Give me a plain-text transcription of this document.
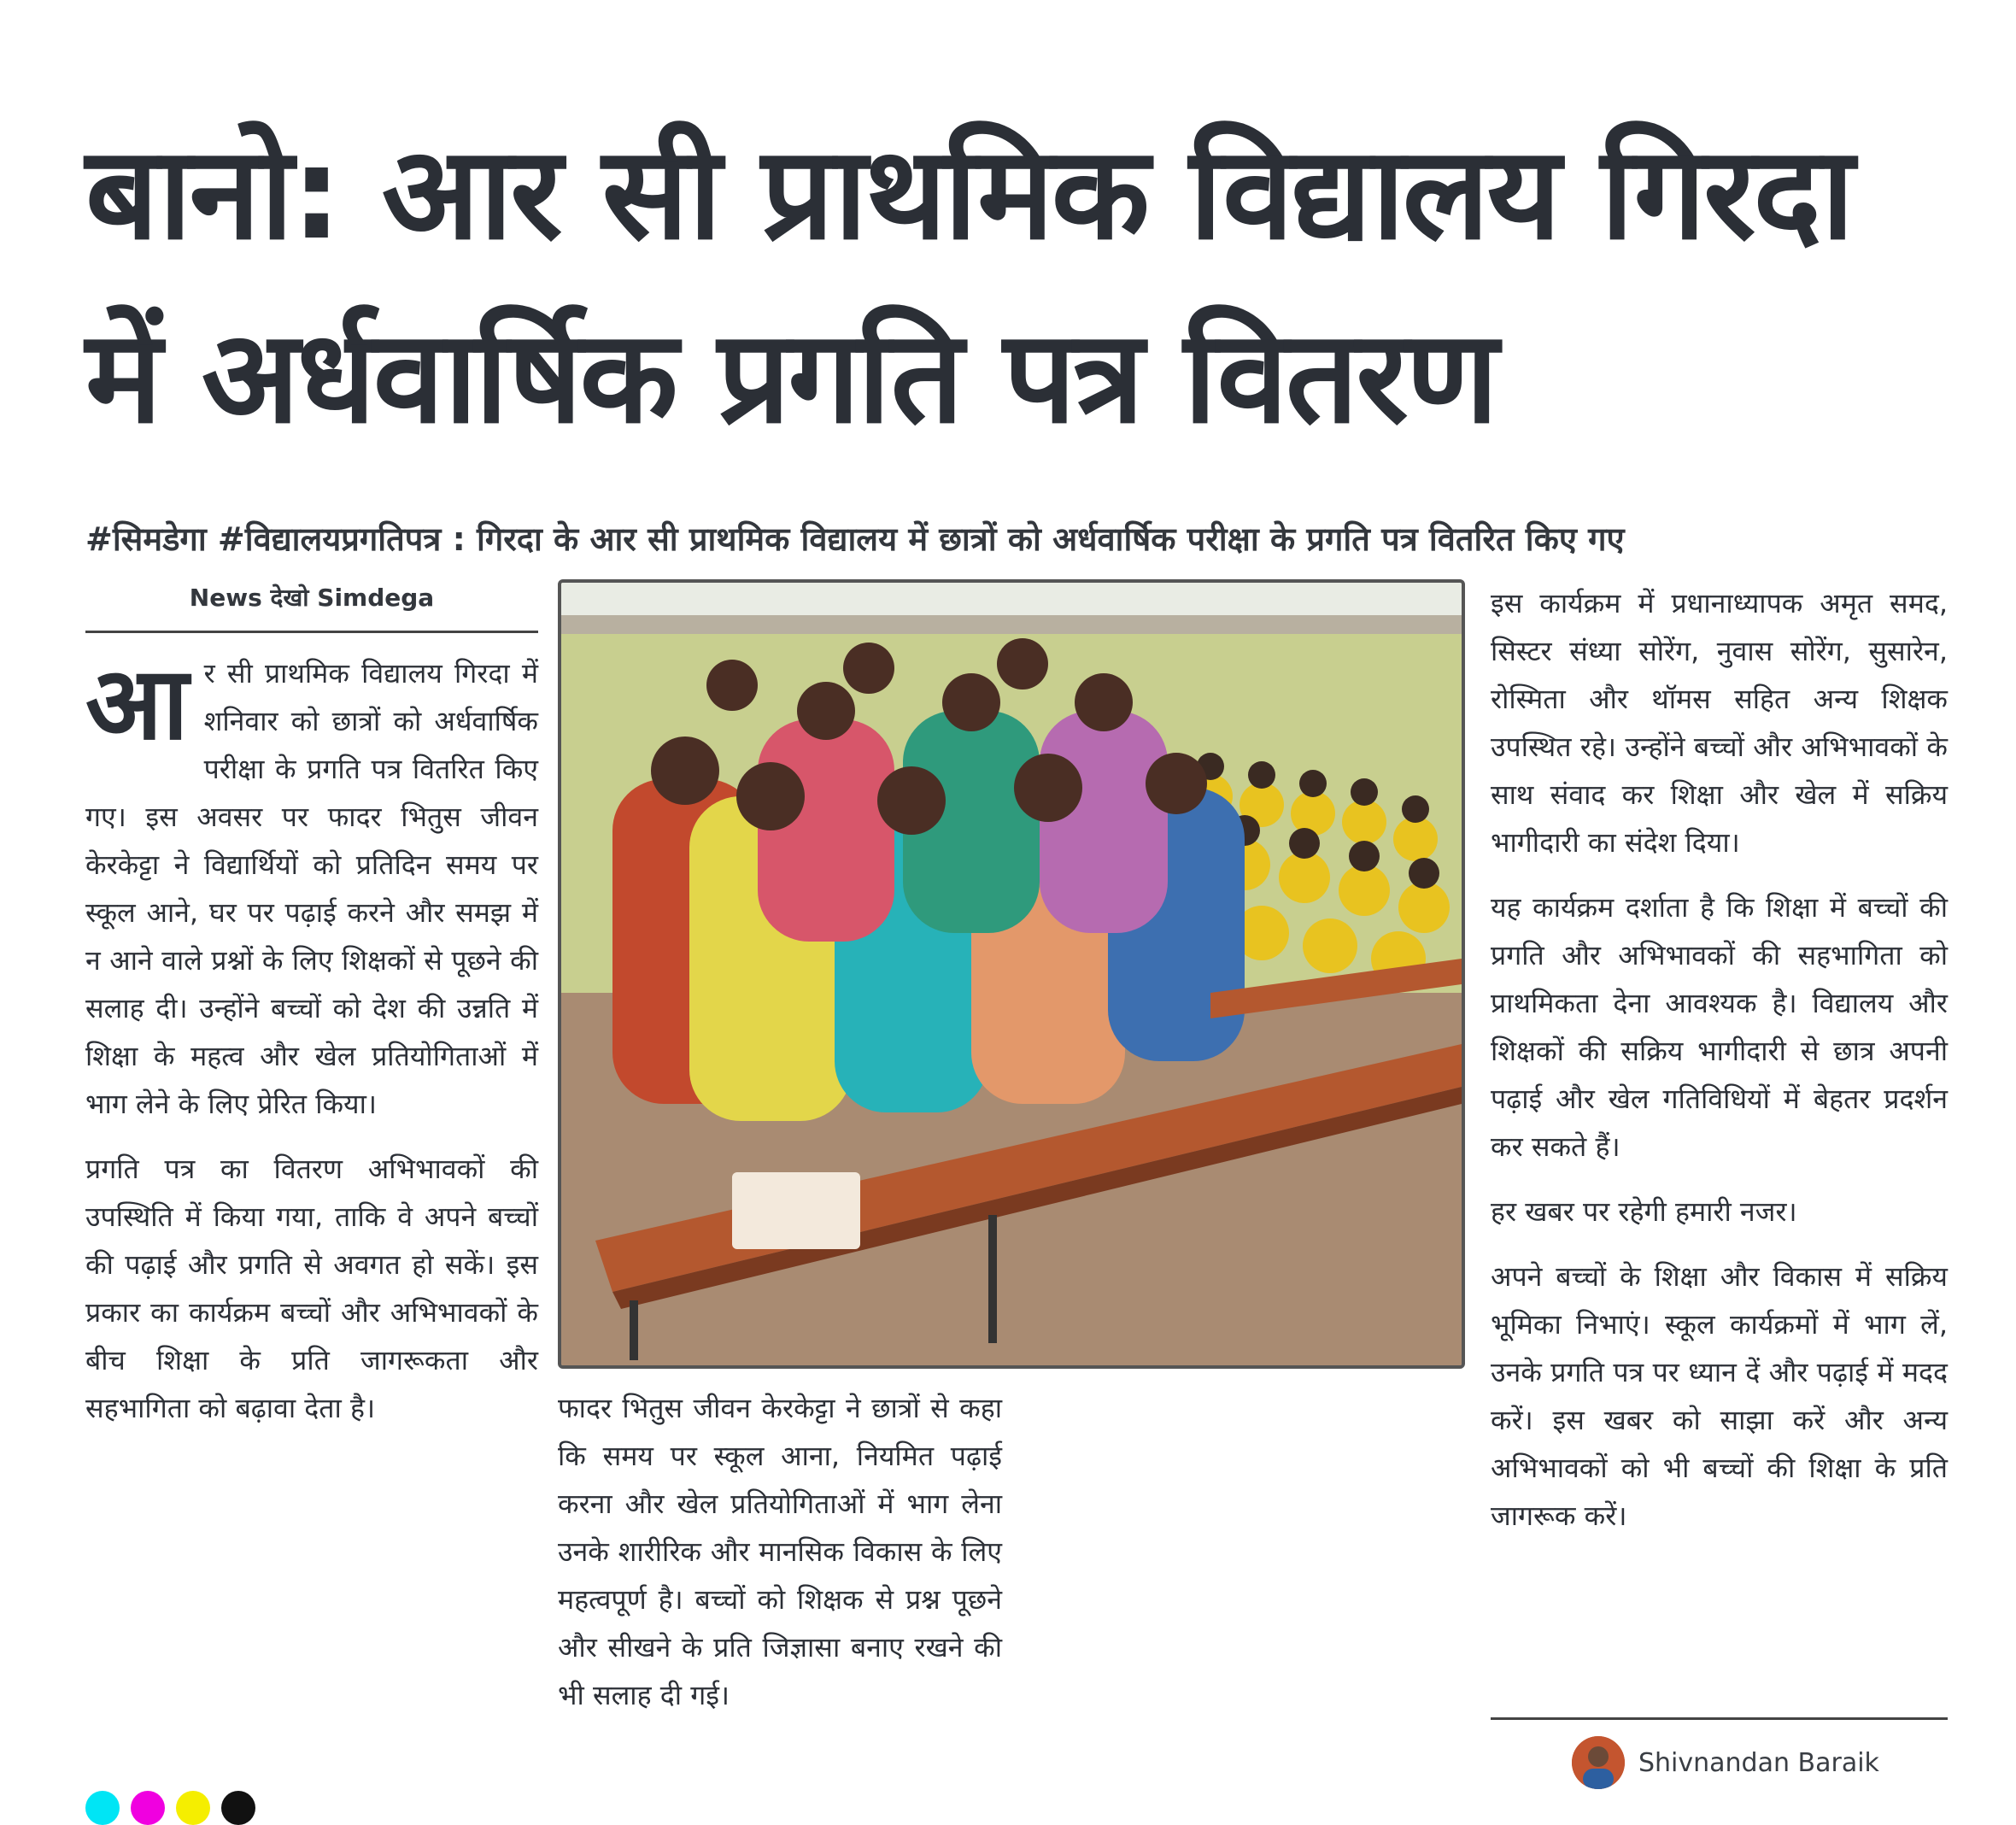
बानो: आर सी प्राथमिक विद्यालय गिरदा में अर्धवार्षिक प्रगति पत्र वितरण
#सिमडेगा #विद्यालयप्रगतिपत्र : गिरदा के आर सी प्राथमिक विद्यालय में छात्रों को अर्धवार्षिक परीक्षा के प्रगति पत्र वितरित किए गए
News देखो Simdega

आर सी प्राथमिक विद्यालय गिरदा में शनिवार को छात्रों को अर्धवार्षिक परीक्षा के प्रगति पत्र वितरित किए गए। इस अवसर पर फादर भितुस जीवन केरकेट्टा ने विद्यार्थियों को प्रतिदिन समय पर स्कूल आने, घर पर पढ़ाई करने और समझ में न आने वाले प्रश्नों के लिए शिक्षकों से पूछने की सलाह दी। उन्होंने बच्चों को देश की उन्नति में शिक्षा के महत्व और खेल प्रतियोगिताओं में भाग लेने के लिए प्रेरित किया।

प्रगति पत्र का वितरण अभिभावकों की उपस्थिति में किया गया, ताकि वे अपने बच्चों की पढ़ाई और प्रगति से अवगत हो सकें। इस प्रकार का कार्यक्रम बच्चों और अभिभावकों के बीच शिक्षा के प्रति जागरूकता और सहभागिता को बढ़ावा देता है।	फादर भितुस जीवन केरकेट्टा ने छात्रों से कहा कि समय पर स्कूल आना, नियमित पढ़ाई करना और खेल प्रतियोगिताओं में भाग लेना उनके शारीरिक और मानसिक विकास के लिए महत्वपूर्ण है। बच्चों को शिक्षक से प्रश्न पूछने और सीखने के प्रति जिज्ञासा बनाए रखने की भी सलाह दी गई।

इस कार्यक्रम में प्रधानाध्यापक अमृत समद, सिस्टर संध्या सोरेंग, नुवास सोरेंग, सुसारेन, रोस्मिता और थॉमस सहित अन्य शिक्षक उपस्थित रहे। उन्होंने बच्चों और अभिभावकों के साथ संवाद कर शिक्षा और खेल में सक्रिय भागीदारी का संदेश दिया।

यह कार्यक्रम दर्शाता है कि शिक्षा में बच्चों की प्रगति और अभिभावकों की सहभागिता को प्राथमिकता देना आवश्यक है। विद्यालय और शिक्षकों की सक्रिय भागीदारी से छात्र अपनी पढ़ाई और खेल गतिविधियों में बेहतर प्रदर्शन कर सकते हैं।

हर खबर पर रहेगी हमारी नजर।

अपने बच्चों के शिक्षा और विकास में सक्रिय भूमिका निभाएं। स्कूल कार्यक्रमों में भाग लें, उनके प्रगति पत्र पर ध्यान दें और पढ़ाई में मदद करें। इस खबर को साझा करें और अन्य अभिभावकों को भी बच्चों की शिक्षा के प्रति जागरूक करें।

Shivnandan Baraik
